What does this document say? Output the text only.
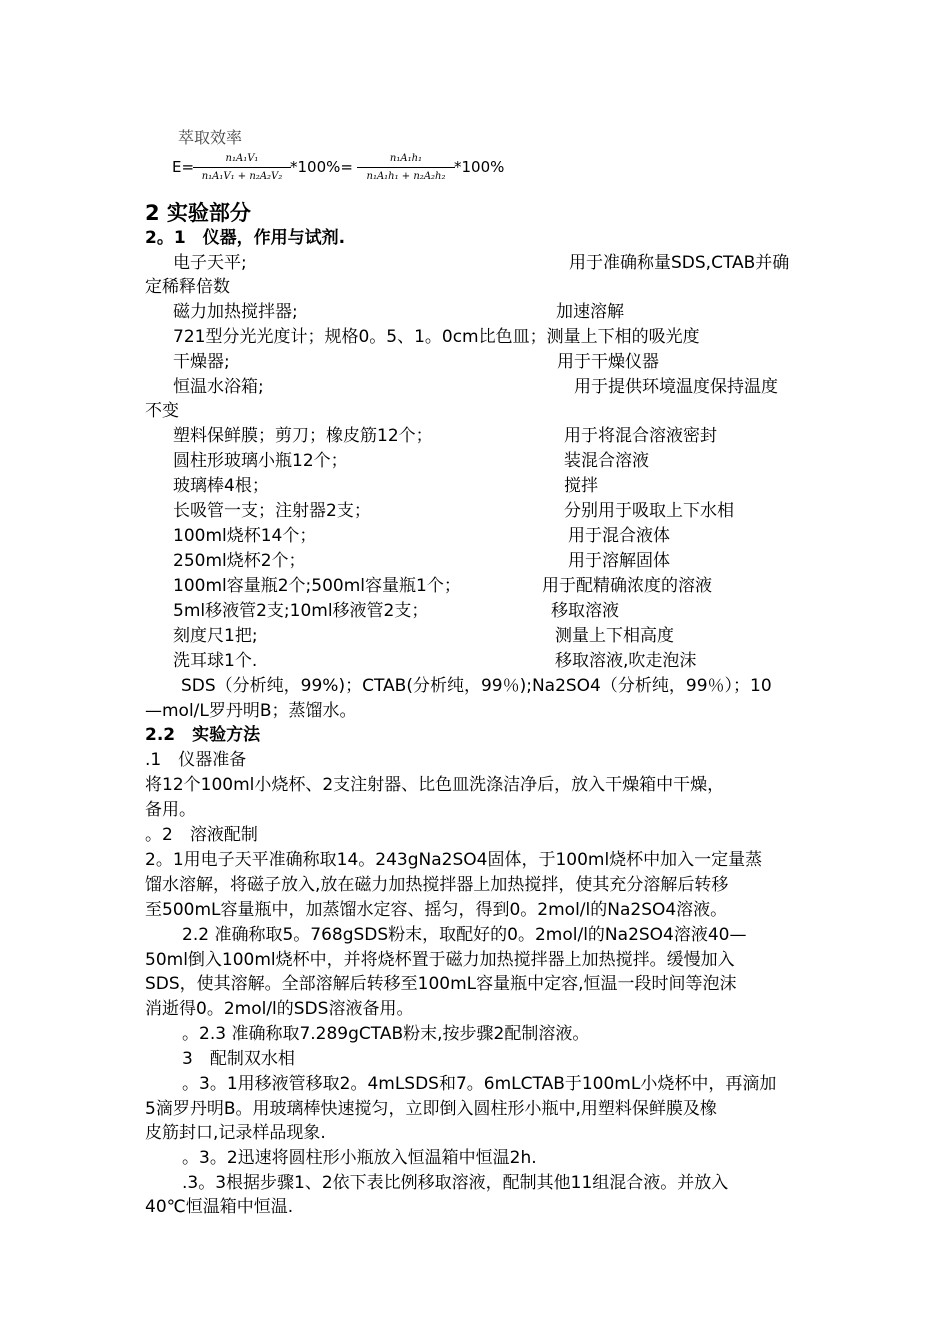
萃取效率
E=	n₁A₁V₁
n₁A₁V₁ + n₂A₂V₂
*100%=	n₁A₁h₁
n₁A₁h₁ + n₂A₂h₂
*100%
2 实验部分
2。1　仪器，作用与试剂.
电子天平;	用于准确称量SDS,CTAB并确
定稀释倍数
磁力加热搅拌器;	加速溶解
721型分光光度计；规格0。5、1。0cm比色皿；测量上下相的吸光度
干燥器;	用于干燥仪器
恒温水浴箱;	用于提供环境温度保持温度
不变
塑料保鲜膜；剪刀；橡皮筋12个；	用于将混合溶液密封
圆柱形玻璃小瓶12个；	装混合溶液
玻璃棒4根；	搅拌
长吸管一支；注射器2支；	分别用于吸取上下水相
100ml烧杯14个；	用于混合液体
250ml烧杯2个；	用于溶解固体
100ml容量瓶2个;500ml容量瓶1个；	用于配精确浓度的溶液
5ml移液管2支;10ml移液管2支；	移取溶液
刻度尺1把;	测量上下相高度
洗耳球1个.	移取溶液,吹走泡沫
SDS（分析纯，99%)；CTAB(分析纯，99％);Na2SO4（分析纯，99％）；10
—mol/L罗丹明B；蒸馏水。
2.2　实验方法
.1　仪器准备
将12个100ml小烧杯、2支注射器、比色皿洗涤洁净后，放入干燥箱中干燥，
备用。
。2　溶液配制
2。1用电子天平准确称取14。243gNa2SO4固体，于100ml烧杯中加入一定量蒸
馏水溶解，将磁子放入,放在磁力加热搅拌器上加热搅拌，使其充分溶解后转移
至500mL容量瓶中，加蒸馏水定容、摇匀，得到0。2mol/l的Na2SO4溶液。
2.2 准确称取5。768gSDS粉末，取配好的0。2mol/l的Na2SO4溶液40—
50ml倒入100ml烧杯中，并将烧杯置于磁力加热搅拌器上加热搅拌。缓慢加入
SDS，使其溶解。全部溶解后转移至100mL容量瓶中定容,恒温一段时间等泡沫
消逝得0。2mol/l的SDS溶液备用。
。2.3 准确称取7.289gCTAB粉末,按步骤2配制溶液。
3　配制双水相
。3。1用移液管移取2。4mLSDS和7。6mLCTAB于100mL小烧杯中，再滴加
5滴罗丹明B。用玻璃棒快速搅匀，立即倒入圆柱形小瓶中,用塑料保鲜膜及橡
皮筋封口,记录样品现象.
。3。2迅速将圆柱形小瓶放入恒温箱中恒温2h.
.3。3根据步骤1、2依下表比例移取溶液，配制其他11组混合液。并放入
40℃恒温箱中恒温.
